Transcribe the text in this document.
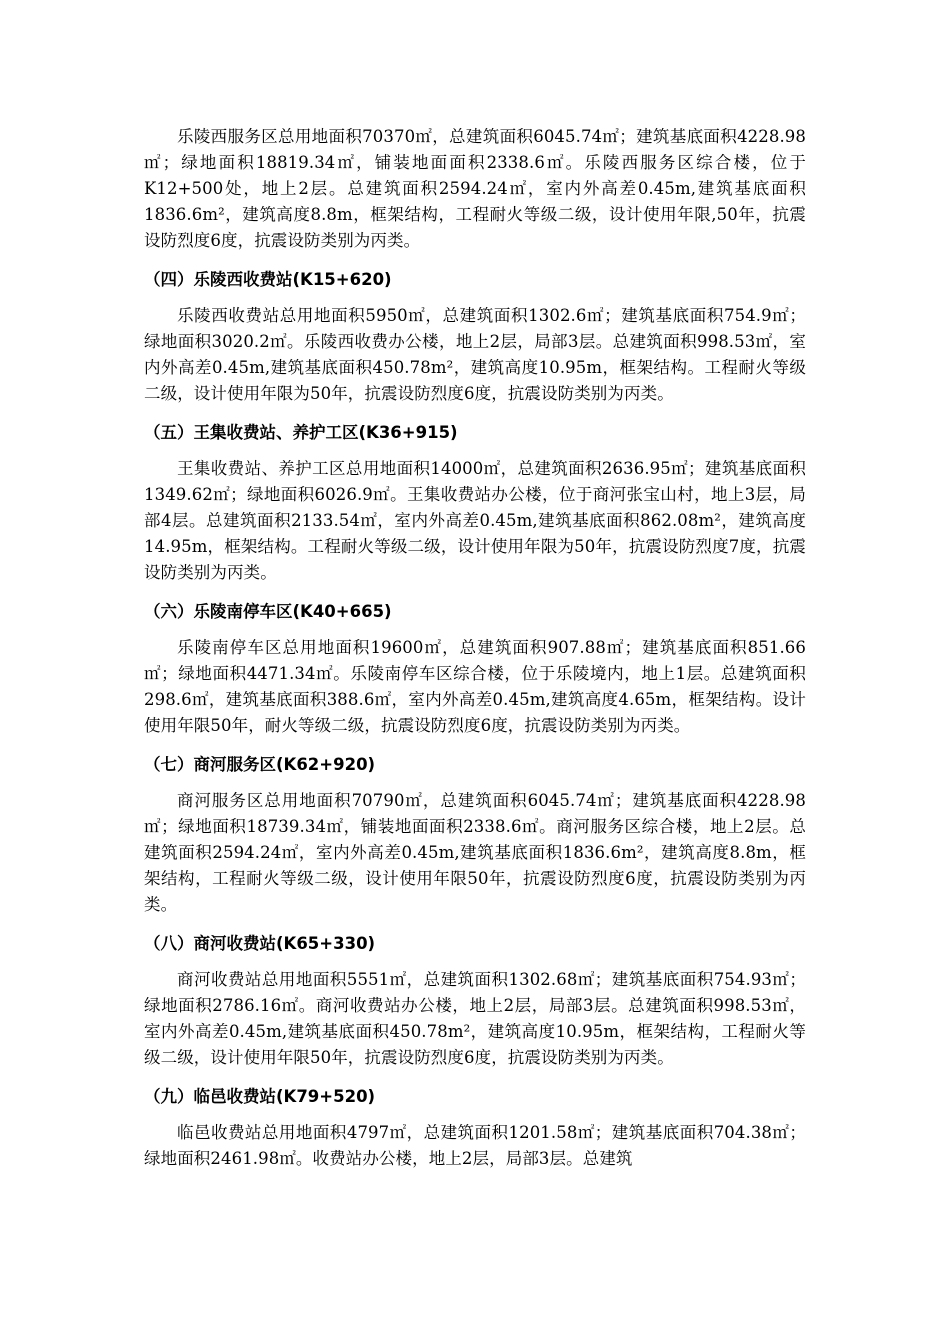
乐陵西服务区总用地面积70370㎡，总建筑面积6045.74㎡；建筑基底面积4228.98㎡；绿地面积18819.34㎡，铺装地面面积2338.6㎡。乐陵西服务区综合楼，位于K12+500处，地上2层。总建筑面积2594.24㎡，室内外高差0.45m,建筑基底面积1836.6m²，建筑高度8.8m，框架结构，工程耐火等级二级，设计使用年限,50年，抗震设防烈度6度，抗震设防类别为丙类。

（四）乐陵西收费站(K15+620)

乐陵西收费站总用地面积5950㎡，总建筑面积1302.6㎡；建筑基底面积754.9㎡；绿地面积3020.2㎡。乐陵西收费办公楼，地上2层，局部3层。总建筑面积998.53㎡，室内外高差0.45m,建筑基底面积450.78m²，建筑高度10.95m，框架结构。工程耐火等级二级，设计使用年限为50年，抗震设防烈度6度，抗震设防类别为丙类。

（五）王集收费站、养护工区(K36+915)

王集收费站、养护工区总用地面积14000㎡，总建筑面积2636.95㎡；建筑基底面积1349.62㎡；绿地面积6026.9㎡。王集收费站办公楼，位于商河张宝山村，地上3层，局部4层。总建筑面积2133.54㎡，室内外高差0.45m,建筑基底面积862.08m²，建筑高度14.95m，框架结构。工程耐火等级二级，设计使用年限为50年，抗震设防烈度7度，抗震设防类别为丙类。

（六）乐陵南停车区(K40+665)

乐陵南停车区总用地面积19600㎡，总建筑面积907.88㎡；建筑基底面积851.66㎡；绿地面积4471.34㎡。乐陵南停车区综合楼，位于乐陵境内，地上1层。总建筑面积298.6㎡，建筑基底面积388.6㎡，室内外高差0.45m,建筑高度4.65m，框架结构。设计使用年限50年，耐火等级二级，抗震设防烈度6度，抗震设防类别为丙类。

（七）商河服务区(K62+920)

商河服务区总用地面积70790㎡，总建筑面积6045.74㎡；建筑基底面积4228.98㎡；绿地面积18739.34㎡，铺装地面面积2338.6㎡。商河服务区综合楼，地上2层。总建筑面积2594.24㎡，室内外高差0.45m,建筑基底面积1836.6m²，建筑高度8.8m，框架结构，工程耐火等级二级，设计使用年限50年，抗震设防烈度6度，抗震设防类别为丙类。

（八）商河收费站(K65+330)

商河收费站总用地面积5551㎡，总建筑面积1302.68㎡；建筑基底面积754.93㎡；绿地面积2786.16㎡。商河收费站办公楼，地上2层，局部3层。总建筑面积998.53㎡，室内外高差0.45m,建筑基底面积450.78m²，建筑高度10.95m，框架结构，工程耐火等级二级，设计使用年限50年，抗震设防烈度6度，抗震设防类别为丙类。

（九）临邑收费站(K79+520)

临邑收费站总用地面积4797㎡，总建筑面积1201.58㎡；建筑基底面积704.38㎡；绿地面积2461.98㎡。收费站办公楼，地上2层，局部3层。总建筑
